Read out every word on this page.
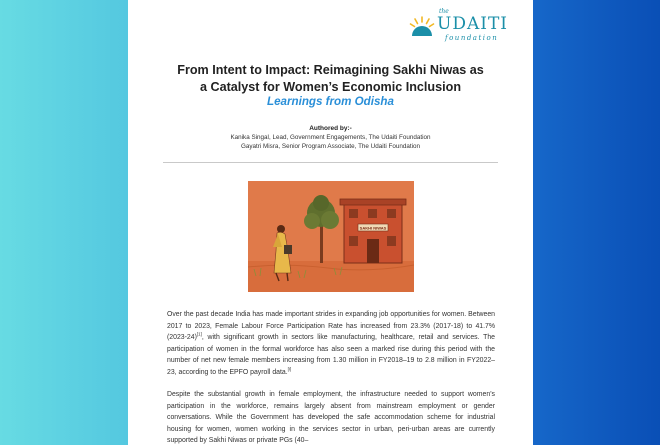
the
UDAITI
foundation
From Intent to Impact: Reimagining Sakhi Niwas as
a Catalyst for Women’s Economic Inclusion
Learnings from Odisha
Authored by:-
Kanika Singal, Lead, Government Engagements, The Udaiti Foundation
Gayatri Misra, Senior Program Associate, The Udaiti Foundation
SAKHI NIWAS
Over the past decade India has made important strides in expanding job opportunities for women. Between 2017 to 2023, Female Labour Force Participation Rate has increased from 23.3% (2017-18) to 41.7% (2023-24)[1], with significant growth in sectors like manufacturing, healthcare, retail and services. The participation of women in the formal workforce has also seen a marked rise during this period with the number of net new female members increasing from 1.30 million in FY2018–19 to 2.8 million in FY2022–23, according to the EPFO payroll data.[i]
Despite the substantial growth in female employment, the infrastructure needed to support women’s participation in the workforce, remains largely absent from mainstream employment or gender conversations. While the Government has developed the safe accommodation scheme for industrial housing for women, women working in the services sector in urban, peri-urban areas are currently supported by Sakhi Niwas or private PGs (40–
